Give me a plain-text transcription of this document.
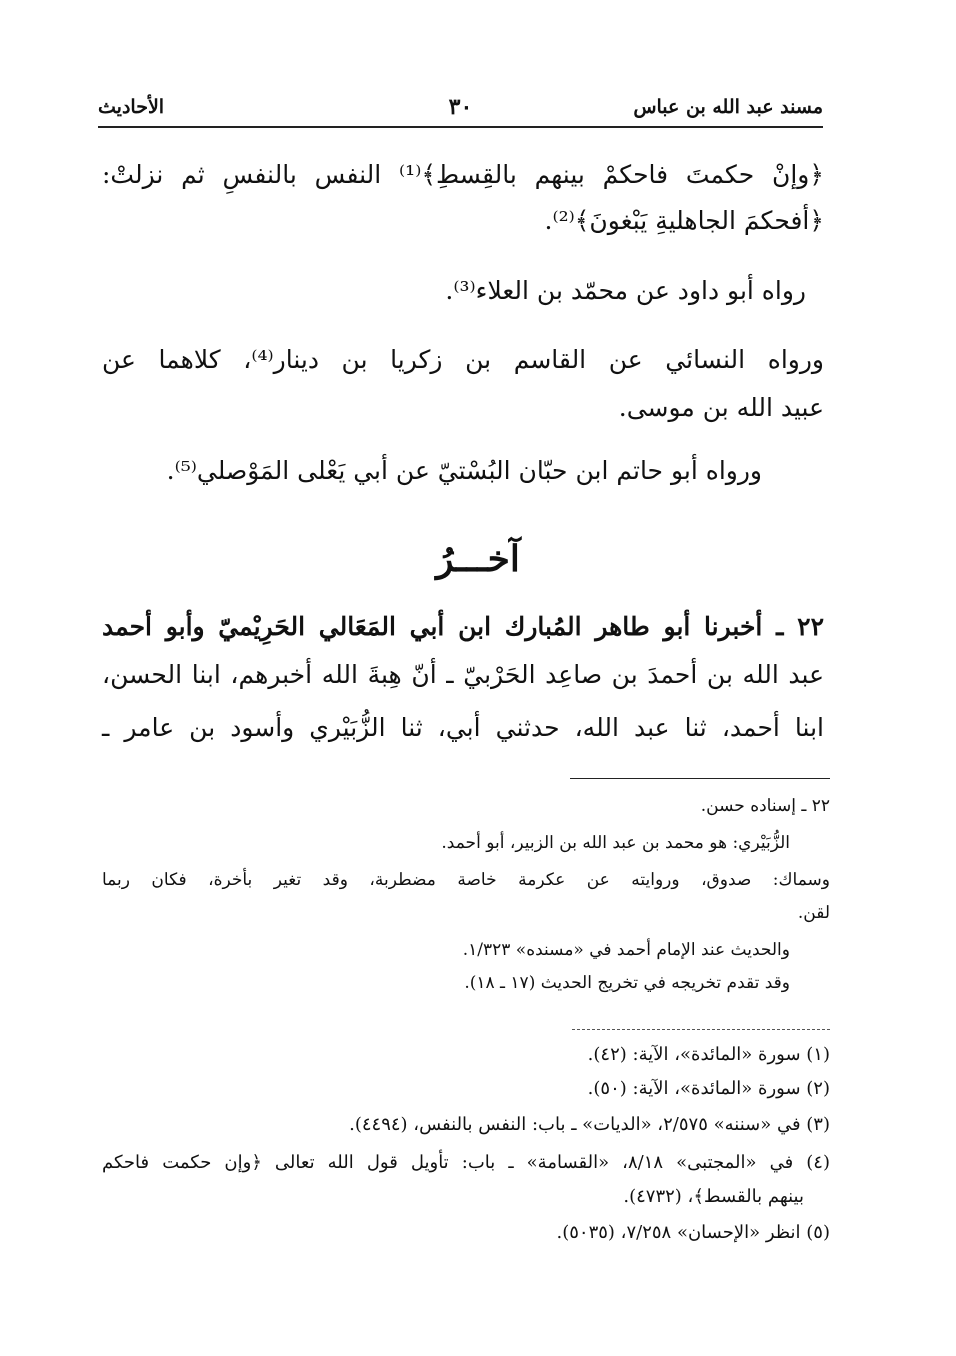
مسند عبد الله بن عباس
٣٠
الأحاديث
﴿وإنْ حكمتَ فاحكمْ بينهم بالقِسطِ﴾⁽¹⁾ النفس بالنفسِ ثم نزلتْ:
﴿أفحكمَ الجاهليةِ يَبْغونَ﴾⁽²⁾.
رواه أبو داود عن محمّد بن العلاء⁽³⁾.
ورواه النسائي عن القاسم بن زكريا بن دينار⁽⁴⁾، كلاهما عن
عبيد الله بن موسى.
ورواه أبو حاتم ابن حبّان البُسْتيّ عن أبي يَعْلى المَوْصلي⁽⁵⁾.
آخـــرُ
٢٢ ـ أخبرنا أبو طاهر المُبارك ابن أبي المَعَالي الحَرِيْميّ وأبو أحمد
عبد الله بن أحمدَ بن صاعِد الحَرْبيّ ـ أنّ هِبةَ الله أخبرهم، ابنا الحسن،
ابنا أحمد، ثنا عبد الله، حدثني أبي، ثنا الزُّبَيْري وأسود بن عامر ـ
٢٢ ـ إسناده حسن.
الزُّبَيْري: هو محمد بن عبد الله بن الزبير، أبو أحمد.
وسماك: صدوق، وروايته عن عكرمة خاصة مضطربة، وقد تغير بأخرة، فكان ربما
لقن.
والحديث عند الإمام أحمد في «مسنده» ١/٣٢٣.
وقد تقدم تخريجه في تخريج الحديث (١٧ ـ ١٨).
(١) سورة «المائدة»، الآية: (٤٢).
(٢) سورة «المائدة»، الآية: (٥٠).
(٣) في «سننه» ٢/٥٧٥، «الديات» ـ باب: النفس بالنفس، (٤٤٩٤).
(٤) في «المجتبى» ٨/١٨، «القسامة» ـ باب: تأويل قول الله تعالى ﴿وإن حكمت فاحكم
بينهم بالقسط﴾، (٤٧٣٢).
(٥) انظر «الإحسان» ٧/٢٥٨، (٥٠٣٥).
